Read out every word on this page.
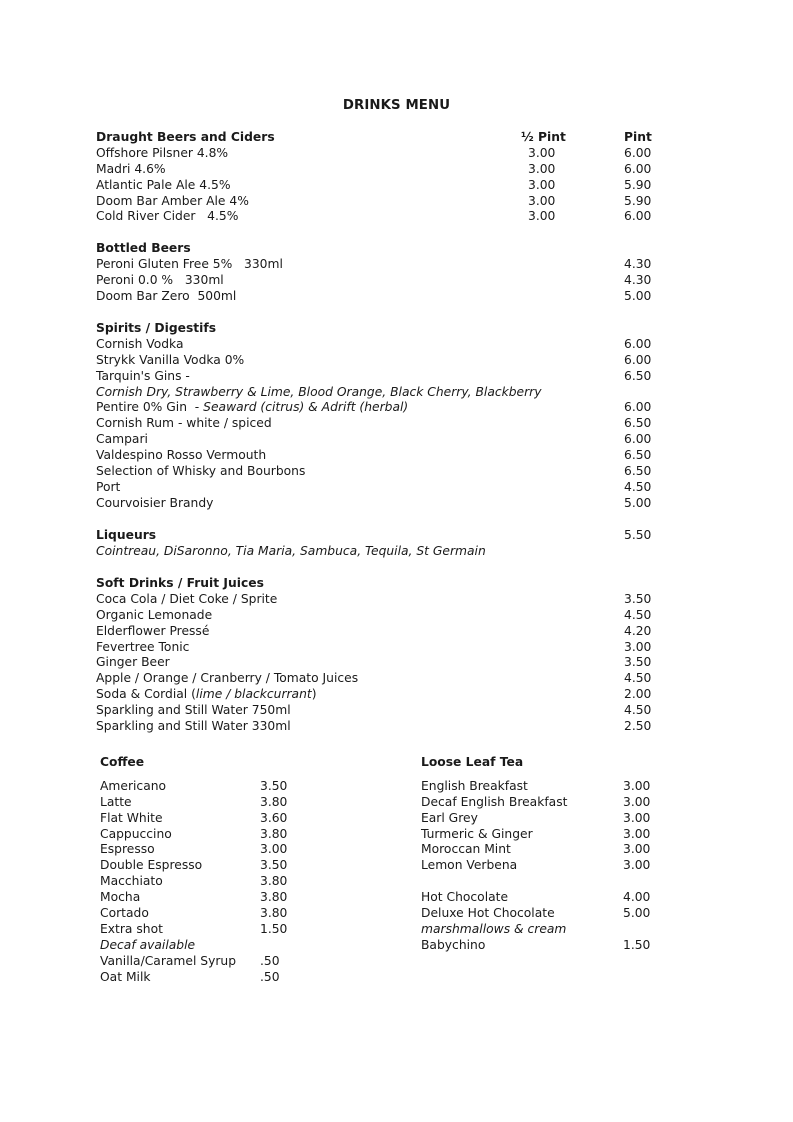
DRINKS MENU
Draught Beers and Ciders	½ Pint	Pint
Offshore Pilsner 4.8%	3.00	6.00
Madri 4.6%	3.00	6.00
Atlantic Pale Ale 4.5%	3.00	5.90
Doom Bar Amber Ale 4%	3.00	5.90
Cold River Cider   4.5%	3.00	6.00
Bottled Beers
Peroni Gluten Free 5%   330ml	4.30
Peroni 0.0 %   330ml	4.30
Doom Bar Zero  500ml	5.00
Spirits / Digestifs
Cornish Vodka	6.00
Strykk Vanilla Vodka 0%	6.00
Tarquin's Gins -	6.50
Cornish Dry, Strawberry & Lime, Blood Orange, Black Cherry, Blackberry
Pentire 0% Gin  - Seaward (citrus) & Adrift (herbal)	6.00
Cornish Rum - white / spiced	6.50
Campari	6.00
Valdespino Rosso Vermouth	6.50
Selection of Whisky and Bourbons	6.50
Port	4.50
Courvoisier Brandy	5.00
Liqueurs	5.50
Cointreau, DiSaronno, Tia Maria, Sambuca, Tequila, St Germain
Soft Drinks / Fruit Juices
Coca Cola / Diet Coke / Sprite	3.50
Organic Lemonade	4.50
Elderflower Pressé	4.20
Fevertree Tonic	3.00
Ginger Beer	3.50
Apple / Orange / Cranberry / Tomato Juices	4.50
Soda & Cordial (lime / blackcurrant)	2.00
Sparkling and Still Water 750ml	4.50
Sparkling and Still Water 330ml	2.50
Coffee
Americano	3.50
Latte	3.80
Flat White	3.60
Cappuccino	3.80
Espresso	3.00
Double Espresso	3.50
Macchiato	3.80
Mocha	3.80
Cortado	3.80
Extra shot	1.50
Decaf available
Vanilla/Caramel Syrup .50
Oat Milk	.50
Loose Leaf Tea
English Breakfast	3.00
Decaf English Breakfast	3.00
Earl Grey	3.00
Turmeric & Ginger	3.00
Moroccan Mint	3.00
Lemon Verbena	3.00
Hot Chocolate	4.00
Deluxe Hot Chocolate	5.00
marshmallows & cream
Babychino	1.50
